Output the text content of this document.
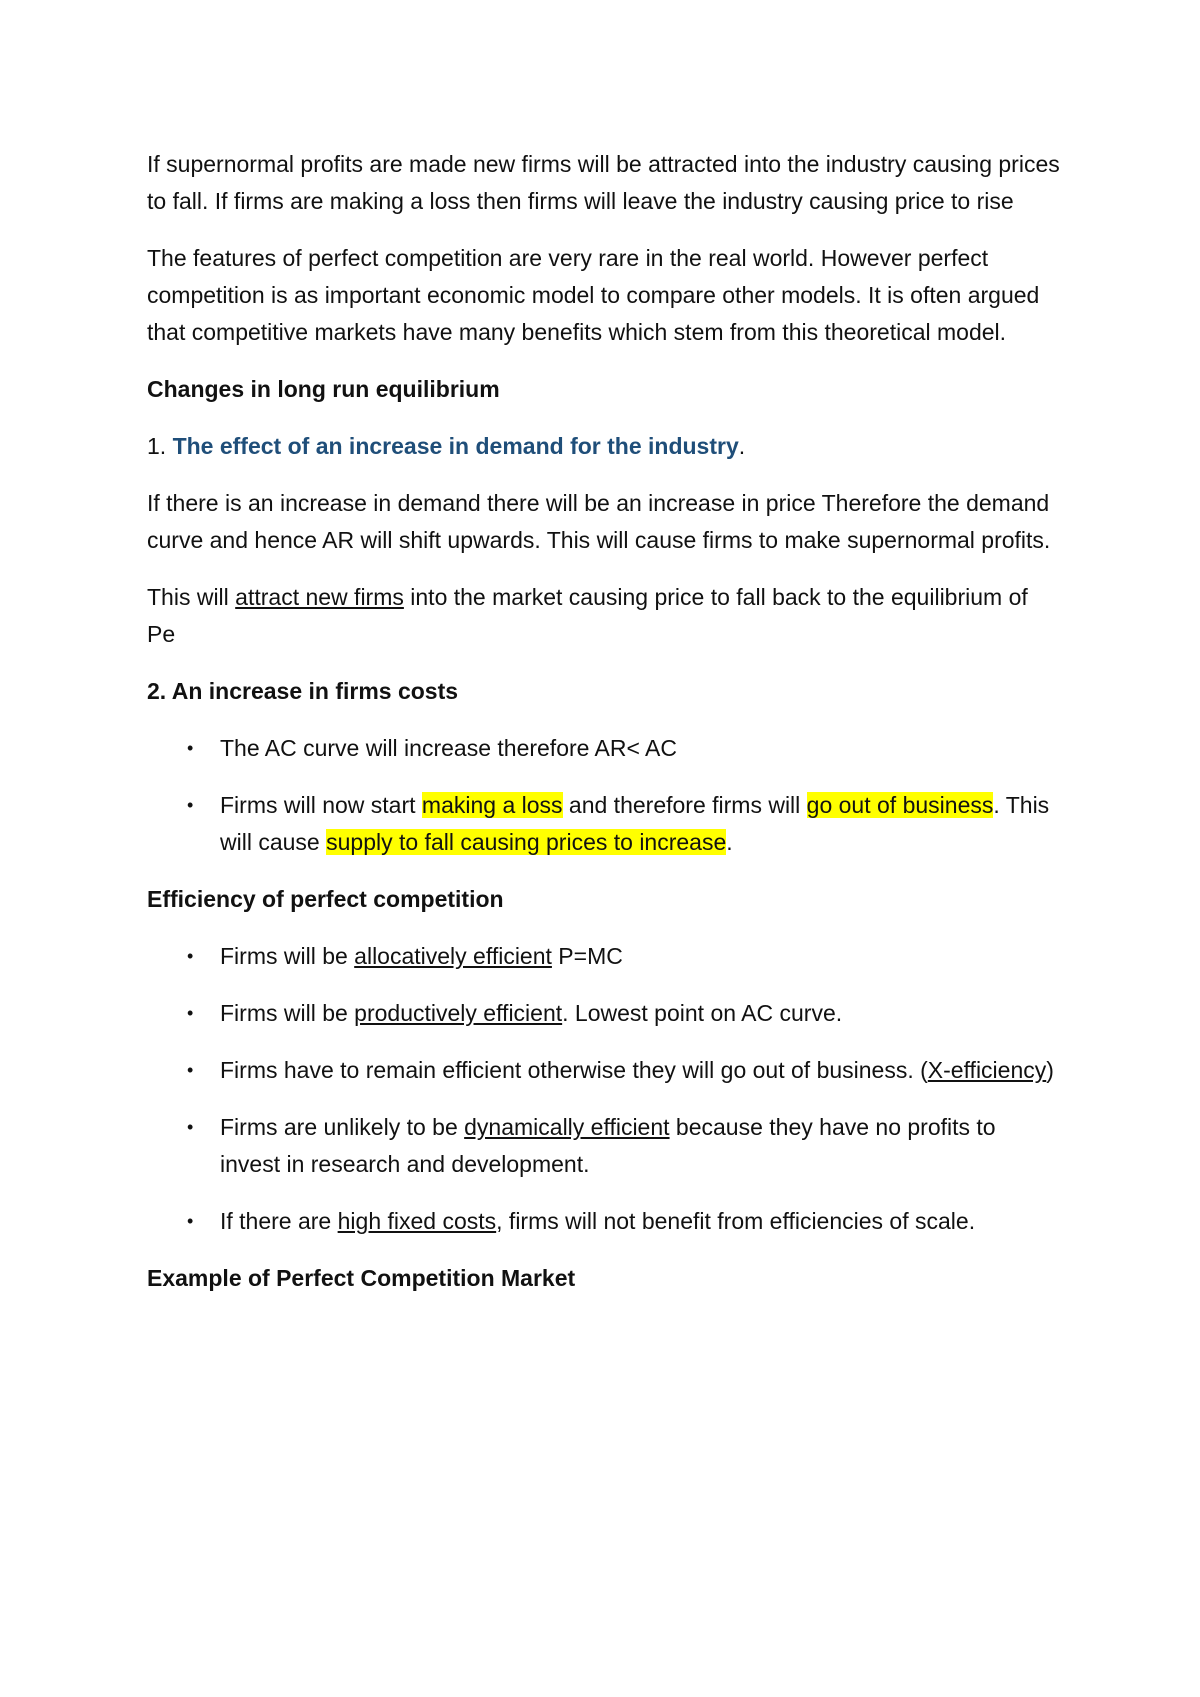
If supernormal profits are made new firms will be attracted into the industry causing prices to fall. If firms are making a loss then firms will leave the industry causing price to rise

The features of perfect competition are very rare in the real world. However perfect competition is as important economic model to compare other models. It is often argued that competitive markets have many benefits which stem from this theoretical model.

Changes in long run equilibrium

1. The effect of an increase in demand for the industry.

If there is an increase in demand there will be an increase in price Therefore the demand curve and hence AR will shift upwards. This will cause firms to make supernormal profits.

This will attract new firms into the market causing price to fall back to the equilibrium of Pe

2. An increase in firms costs

• The AC curve will increase therefore AR< AC
• Firms will now start making a loss and therefore firms will go out of business. This will cause supply to fall causing prices to increase.

Efficiency of perfect competition

• Firms will be allocatively efficient P=MC
• Firms will be productively efficient. Lowest point on AC curve.
• Firms have to remain efficient otherwise they will go out of business. (X-efficiency)
• Firms are unlikely to be dynamically efficient because they have no profits to invest in research and development.
• If there are high fixed costs, firms will not benefit from efficiencies of scale.

Example of Perfect Competition Market
